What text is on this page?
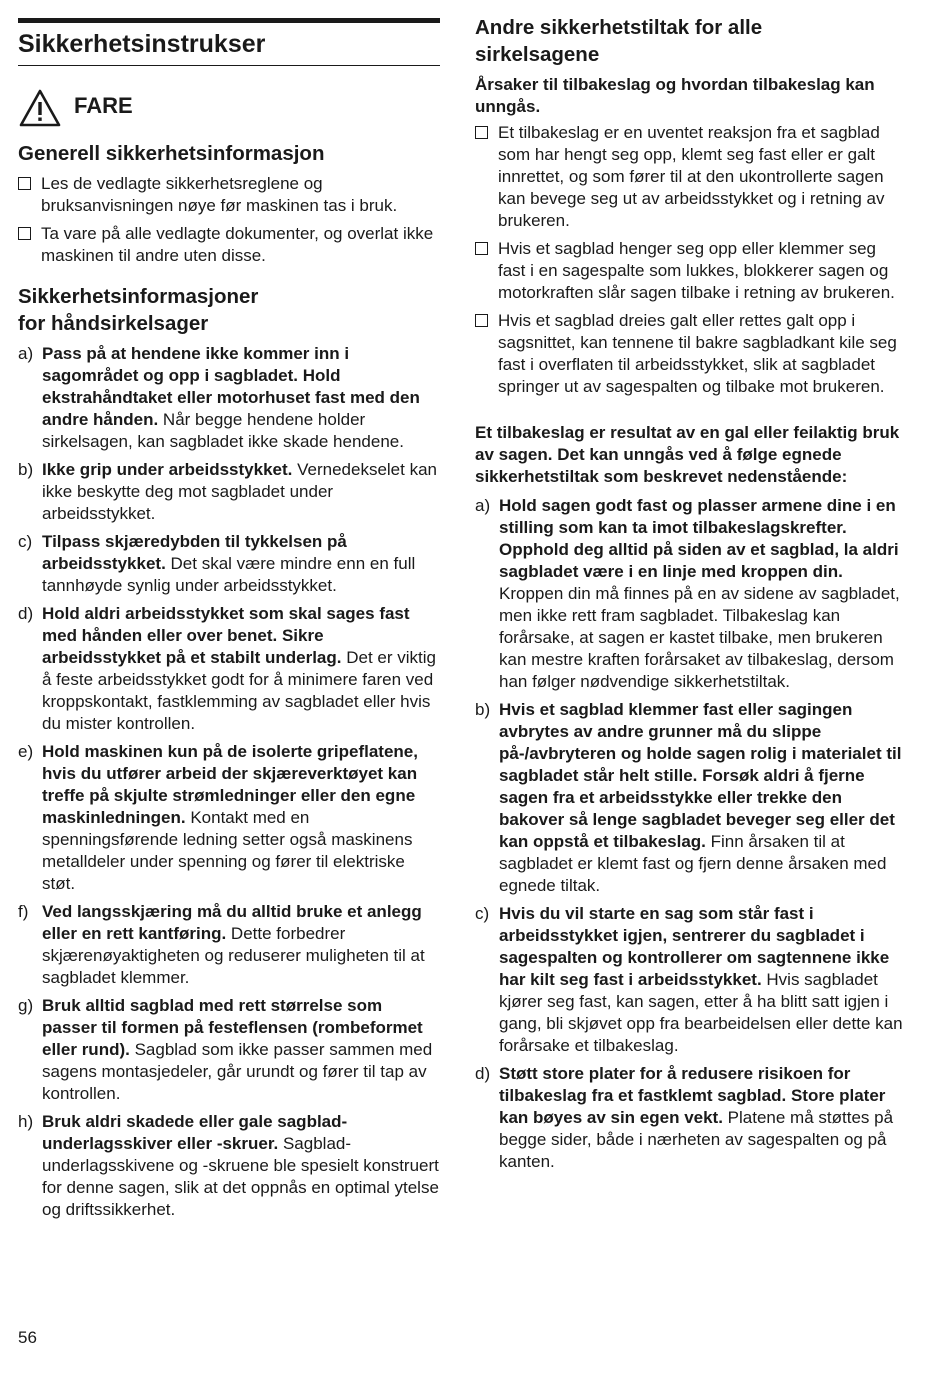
Sikkerhetsinstrukser
FARE
Generell sikkerhetsinformasjon
Les de vedlagte sikkerhetsreglene og bruksanvisningen nøye før maskinen tas i bruk.
Ta vare på alle vedlagte dokumenter, og overlat ikke maskinen til andre uten disse.
Sikkerhetsinformasjoner
for håndsirkelsager
a) Pass på at hendene ikke kommer inn i sagområdet og opp i sagbladet. Hold ekstrahåndtaket eller motorhuset fast med den andre hånden. Når begge hendene holder sirkelsagen, kan sagbladet ikke skade hendene.
b) Ikke grip under arbeidsstykket. Vernedekselet kan ikke beskytte deg mot sagbladet under arbeidsstykket.
c) Tilpass skjæredybden til tykkelsen på arbeidsstykket. Det skal være mindre enn en full tannhøyde synlig under arbeidsstykket.
d) Hold aldri arbeidsstykket som skal sages fast med hånden eller over benet. Sikre arbeidsstykket på et stabilt underlag. Det er viktig å feste arbeidsstykket godt for å minimere faren ved kroppskontakt, fastklemming av sagbladet eller hvis du mister kontrollen.
e) Hold maskinen kun på de isolerte gripeflatene, hvis du utfører arbeid der skjæreverktøyet kan treffe på skjulte strømledninger eller den egne maskinledningen. Kontakt med en spenningsførende ledning setter også maskinens metalldeler under spenning og fører til elektriske støt.
f) Ved langsskjæring må du alltid bruke et anlegg eller en rett kantføring. Dette forbedrer skjærenøyaktigheten og reduserer muligheten til at sagbladet klemmer.
g) Bruk alltid sagblad med rett størrelse som passer til formen på festeflensen (rombeformet eller rund). Sagblad som ikke passer sammen med sagens montasjedeler, går urundt og fører til tap av kontrollen.
h) Bruk aldri skadede eller gale sagblad-underlagsskiver eller -skruer. Sagblad-underlagsskivene og -skruene ble spesielt konstruert for denne sagen, slik at det oppnås en optimal ytelse og driftssikkerhet.
Andre sikkerhetstiltak for alle
sirkelsagene
Årsaker til tilbakeslag og hvordan tilbakeslag kan unngås.
Et tilbakeslag er en uventet reaksjon fra et sagblad som har hengt seg opp, klemt seg fast eller er galt innrettet, og som fører til at den ukontrollerte sagen kan bevege seg ut av arbeidsstykket og i retning av brukeren.
Hvis et sagblad henger seg opp eller klemmer seg fast i en sagespalte som lukkes, blokkerer sagen og motorkraften slår sagen tilbake i retning av brukeren.
Hvis et sagblad dreies galt eller rettes galt opp i sagsnittet, kan tennene til bakre sagbladkant kile seg fast i overflaten til arbeidsstykket, slik at sagbladet springer ut av sagespalten og tilbake mot brukeren.

Et tilbakeslag er resultat av en gal eller feilaktig bruk av sagen. Det kan unngås ved å følge egnede sikkerhetstiltak som beskrevet nedenstående:

a) Hold sagen godt fast og plasser armene dine i en stilling som kan ta imot tilbakeslagskrefter. Opphold deg alltid på siden av et sagblad, la aldri sagbladet være i en linje med kroppen din. Kroppen din må finnes på en av sidene av sagbladet, men ikke rett fram sagbladet. Tilbakeslag kan forårsake, at sagen er kastet tilbake, men brukeren kan mestre kraften forårsaket av tilbakeslag, dersom han følger nødvendige sikkerhetstiltak.
b) Hvis et sagblad klemmer fast eller sagingen avbrytes av andre grunner må du slippe på-/avbryteren og holde sagen rolig i materialet til sagbladet står helt stille. Forsøk aldri å fjerne sagen fra et arbeidsstykke eller trekke den bakover så lenge sagbladet beveger seg eller det kan oppstå et tilbakeslag. Finn årsaken til at sagbladet er klemt fast og fjern denne årsaken med egnede tiltak.
c) Hvis du vil starte en sag som står fast i arbeidsstykket igjen, sentrerer du sagbladet i sagespalten og kontrollerer om sagtennene ikke har kilt seg fast i arbeidsstykket. Hvis sagbladet kjører seg fast, kan sagen, etter å ha blitt satt igjen i gang, bli skjøvet opp fra bearbeidelsen eller dette kan forårsake et tilbakeslag.
d) Støtt store plater for å redusere risikoen for tilbakeslag fra et fastklemt sagblad. Store plater kan bøyes av sin egen vekt. Platene må støttes på begge sider, både i nærheten av sagespalten og på kanten.
56
